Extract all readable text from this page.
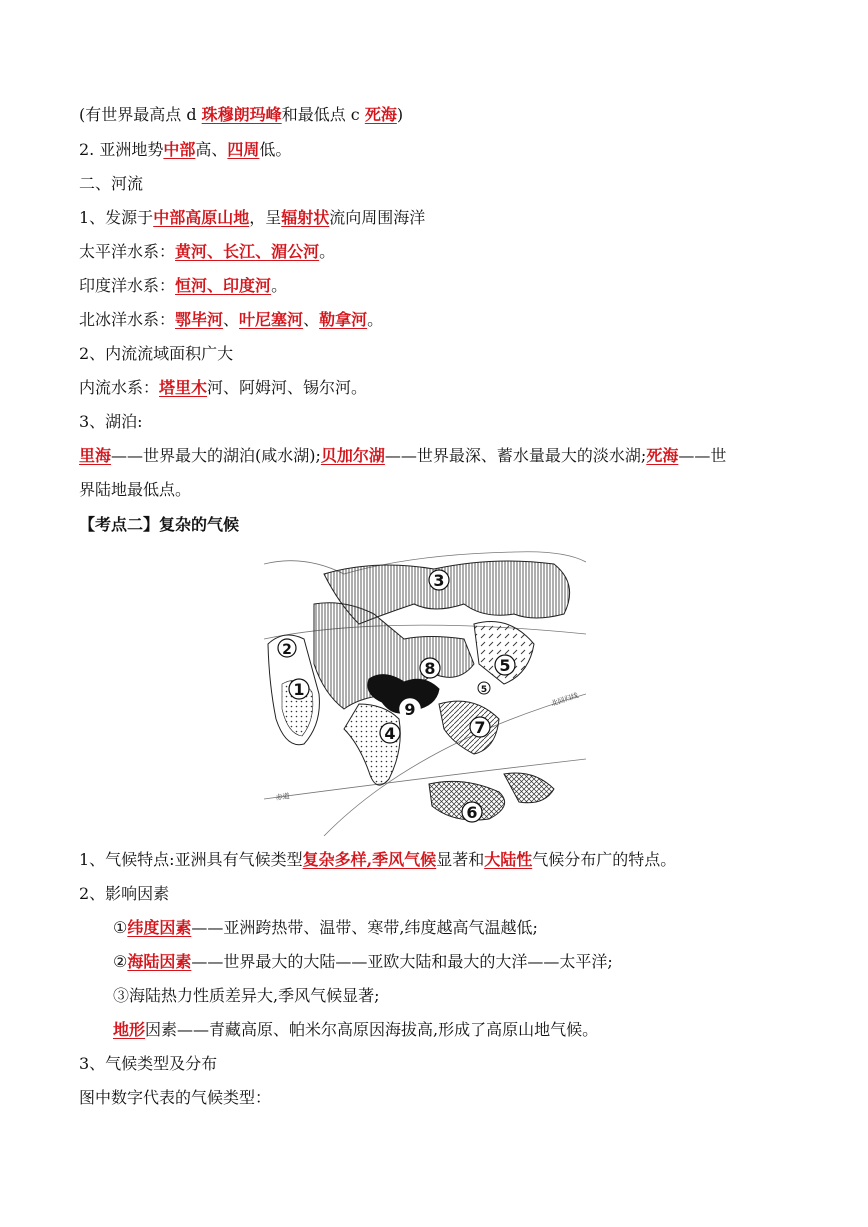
(有世界最高点 d 珠穆朗玛峰和最低点 c 死海)
2. 亚洲地势中部高、四周低。
二、河流
1、发源于中部高原山地，呈辐射状流向周围海洋
太平洋水系：黄河、长江、湄公河。
印度洋水系：恒河、印度河。
北冰洋水系：鄂毕河、叶尼塞河、勒拿河。
2、内流流域面积广大
内流水系：塔里木河、阿姆河、锡尔河。
3、湖泊:
里海——世界最大的湖泊(咸水湖);贝加尔湖——世界最深、蓄水量最大的淡水湖;死海——世
界陆地最低点。
【考点二】复杂的气候
1
2
3
4
5
5
6
7
8
9
北回归线
赤道
1、气候特点:亚洲具有气候类型复杂多样,季风气候显著和大陆性气候分布广的特点。
2、影响因素
①纬度因素——亚洲跨热带、温带、寒带,纬度越高气温越低;
②海陆因素——世界最大的大陆——亚欧大陆和最大的大洋——太平洋;
③海陆热力性质差异大,季风气候显著;
地形因素——青藏高原、帕米尔高原因海拔高,形成了高原山地气候。
3、气候类型及分布
图中数字代表的气候类型：
